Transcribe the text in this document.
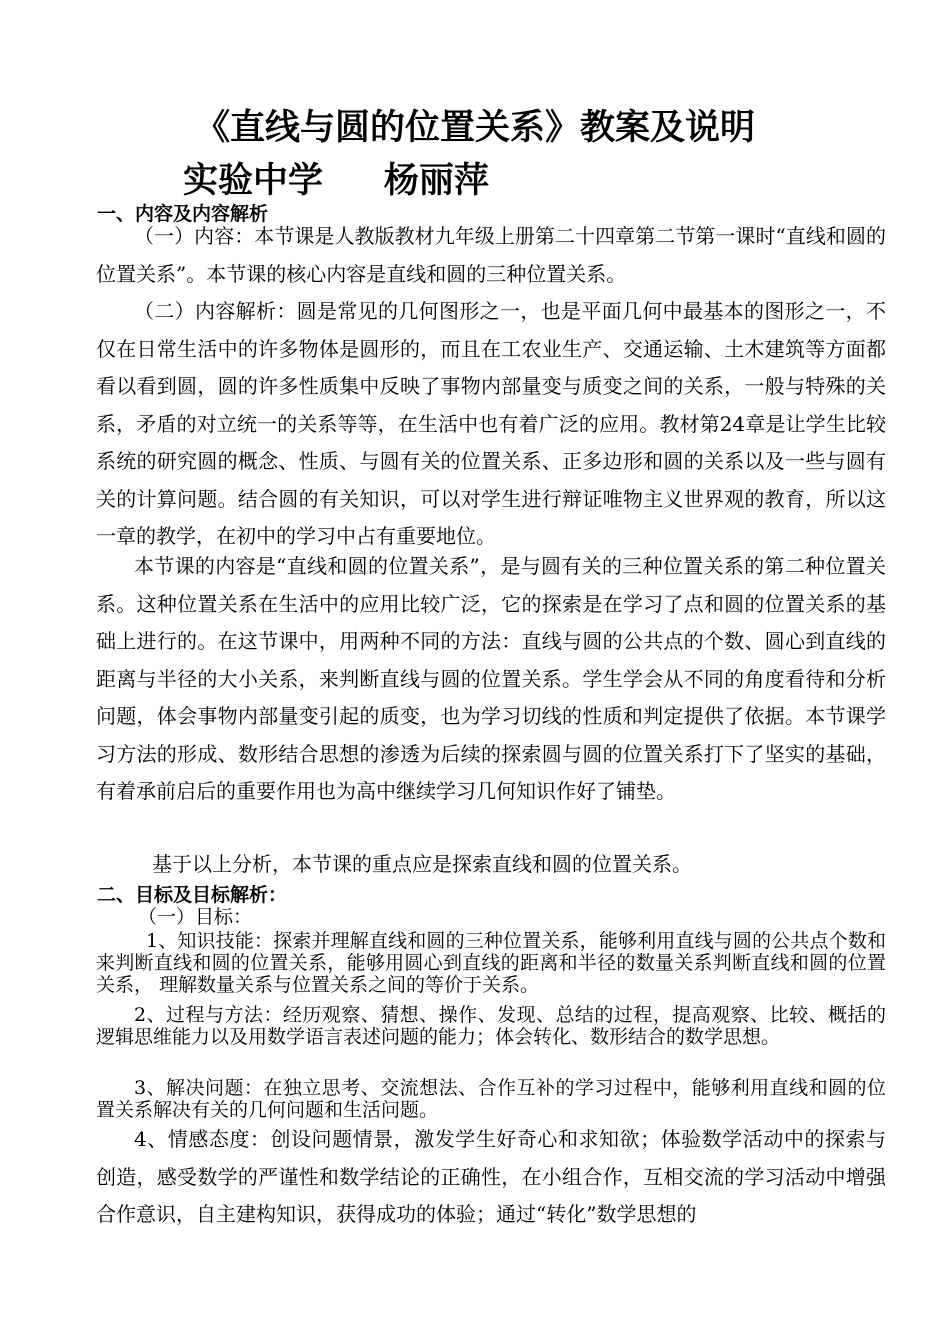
《直线与圆的位置关系》教案及说明
实验中学     杨丽萍
一、内容及内容解析
（一）内容：本节课是人教版教材九年级上册第二十四章第二节第一课时“直线和圆的位置关系”。本节课的核心内容是直线和圆的三种位置关系。
（二）内容解析：圆是常见的几何图形之一，也是平面几何中最基本的图形之一，不仅在日常生活中的许多物体是圆形的，而且在工农业生产、交通运输、土木建筑等方面都看以看到圆，圆的许多性质集中反映了事物内部量变与质变之间的关系，一般与特殊的关系，矛盾的对立统一的关系等等，在生活中也有着广泛的应用。教材第24章是让学生比较系统的研究圆的概念、性质、与圆有关的位置关系、正多边形和圆的关系以及一些与圆有关的计算问题。结合圆的有关知识，可以对学生进行辩证唯物主义世界观的教育，所以这一章的教学，在初中的学习中占有重要地位。
本节课的内容是“直线和圆的位置关系”，是与圆有关的三种位置关系的第二种位置关系。这种位置关系在生活中的应用比较广泛，它的探索是在学习了点和圆的位置关系的基础上进行的。在这节课中，用两种不同的方法：直线与圆的公共点的个数、圆心到直线的距离与半径的大小关系，来判断直线与圆的位置关系。学生学会从不同的角度看待和分析问题，体会事物内部量变引起的质变，也为学习切线的性质和判定提供了依据。本节课学习方法的形成、数形结合思想的渗透为后续的探索圆与圆的位置关系打下了坚实的基础，有着承前启后的重要作用也为高中继续学习几何知识作好了铺垫。
基于以上分析，本节课的重点应是探索直线和圆的位置关系。
二、目标及目标解析：
（一）目标：
1、知识技能：探索并理解直线和圆的三种位置关系，能够利用直线与圆的公共点个数和来判断直线和圆的位置关系，能够用圆心到直线的距离和半径的数量关系判断直线和圆的位置关系， 理解数量关系与位置关系之间的等价于关系。
2、过程与方法：经历观察、猜想、操作、发现、总结的过程，提高观察、比较、概括的逻辑思维能力以及用数学语言表述问题的能力；体会转化、数形结合的数学思想。
3、解决问题：在独立思考、交流想法、合作互补的学习过程中，能够利用直线和圆的位置关系解决有关的几何问题和生活问题。
4、情感态度：创设问题情景，激发学生好奇心和求知欲；体验数学活动中的探索与创造，感受数学的严谨性和数学结论的正确性，在小组合作，互相交流的学习活动中增强合作意识，自主建构知识，获得成功的体验；通过“转化”数学思想的
